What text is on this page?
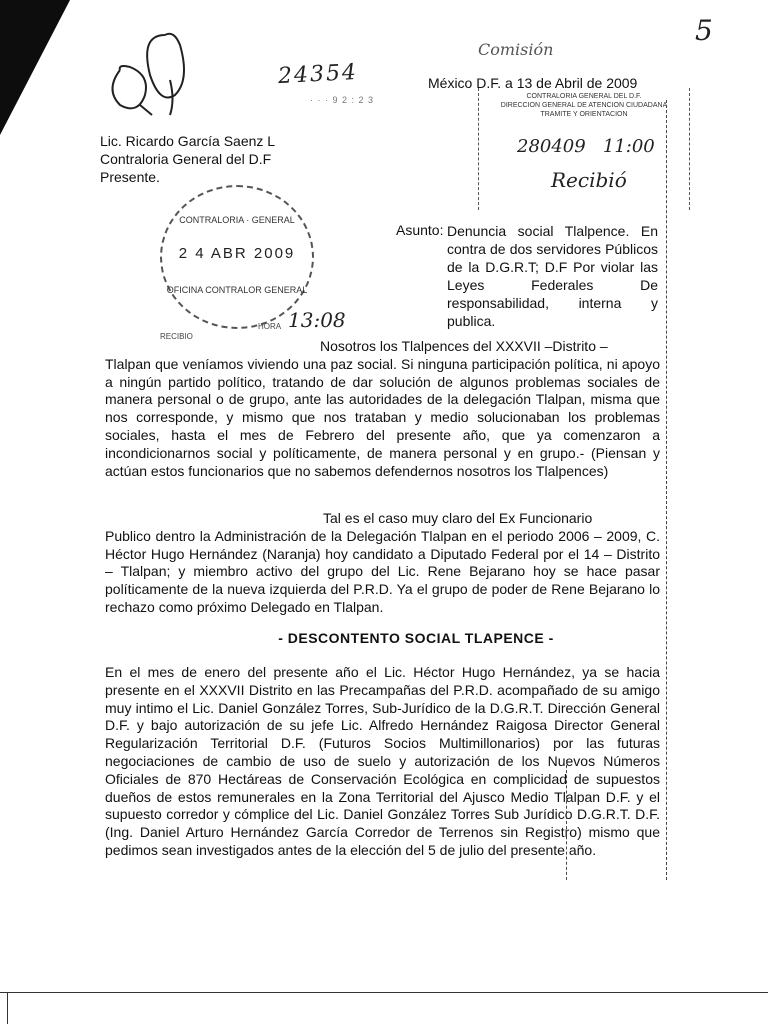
Comisión
5
24354
· · · 9 2 : 2 3
México D.F. a 13 de Abril de 2009
CONTRALORIA GENERAL DEL D.F.
DIRECCION GENERAL DE ATENCION CIUDADANA
TRAMITE Y ORIENTACION
280409   11:00
Recibió
Lic. Ricardo García Saenz L
Contraloria General del D.F
Presente.
CONTRALORIA · GENERAL
2 4 ABR 2009
OFICINA CONTRALOR GENERAL
RECIBIO
HORA 13:08
Asunto: Denuncia social Tlalpence. En contra de dos servidores Públicos de la D.G.R.T; D.F Por violar las Leyes Federales De responsabilidad, interna y publica.
Nosotros los Tlalpences del XXXVII –Distrito –
Tlalpan que veníamos viviendo una paz social. Si ninguna participación política, ni apoyo a ningún partido político, tratando de dar solución de algunos problemas sociales de manera personal o de grupo, ante las autoridades de la delegación Tlalpan, misma que nos corresponde, y mismo que nos trataban y medio solucionaban los problemas sociales, hasta el mes de Febrero del presente año, que ya comenzaron a incondicionarnos social y políticamente, de manera personal y en grupo.- (Piensan y actúan estos funcionarios que no sabemos defendernos nosotros los Tlalpences)
Tal es el caso muy claro del Ex Funcionario
Publico dentro la Administración de la Delegación Tlalpan en el periodo 2006 – 2009, C. Héctor Hugo Hernández (Naranja) hoy candidato a Diputado Federal por el 14 – Distrito – Tlalpan; y miembro activo del grupo del Lic. Rene Bejarano hoy se hace pasar políticamente de la nueva izquierda del P.R.D. Ya el grupo de poder de Rene Bejarano lo rechazo como próximo Delegado en Tlalpan.
- DESCONTENTO SOCIAL TLAPENCE -
En el mes de enero del presente año el Lic. Héctor Hugo Hernández, ya se hacia presente en el XXXVII Distrito en las Precampañas del P.R.D. acompañado de su amigo muy intimo el Lic. Daniel González Torres, Sub-Jurídico de la D.G.R.T. Dirección General D.F. y bajo autorización de su jefe Lic. Alfredo Hernández Raigosa Director General Regularización Territorial D.F. (Futuros Socios Multimillonarios) por las futuras negociaciones de cambio de uso de suelo y autorización de los Nuevos Números Oficiales de 870 Hectáreas de Conservación Ecológica en complicidad de supuestos dueños de estos remunerales en la Zona Territorial del Ajusco Medio Tlalpan D.F. y el supuesto corredor y cómplice del Lic. Daniel González Torres Sub Jurídico D.G.R.T. D.F. (Ing. Daniel Arturo Hernández García Corredor de Terrenos sin Registro) mismo que pedimos sean investigados antes de la elección del 5 de julio del presente año.
